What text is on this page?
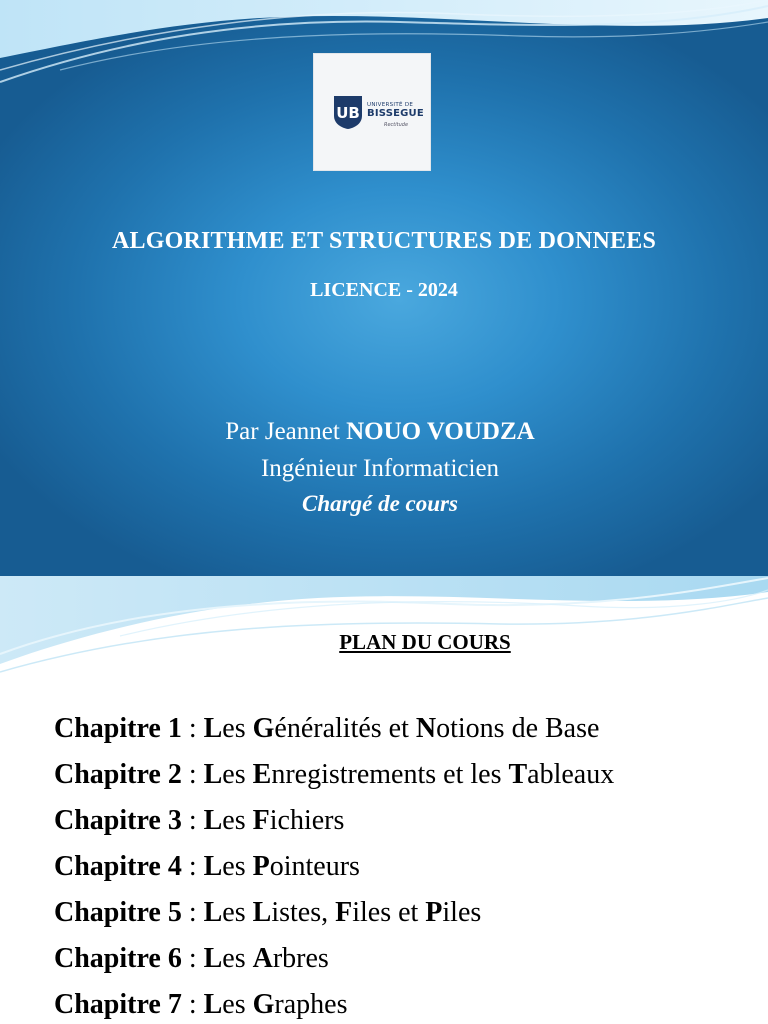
UB UNIVERSITÉ DE
BISSEGUE
Rectitude
ALGORITHME ET STRUCTURES DE DONNEES
LICENCE - 2024
Par Jeannet NOUO VOUDZA
Ingénieur Informaticien
Chargé de cours
PLAN DU COURS
Chapitre 1 : Les Généralités et Notions de Base
Chapitre 2 : Les Enregistrements et les Tableaux
Chapitre 3 : Les Fichiers
Chapitre 4 : Les Pointeurs
Chapitre 5 : Les Listes, Files et Piles
Chapitre 6 : Les Arbres
Chapitre 7 : Les Graphes
